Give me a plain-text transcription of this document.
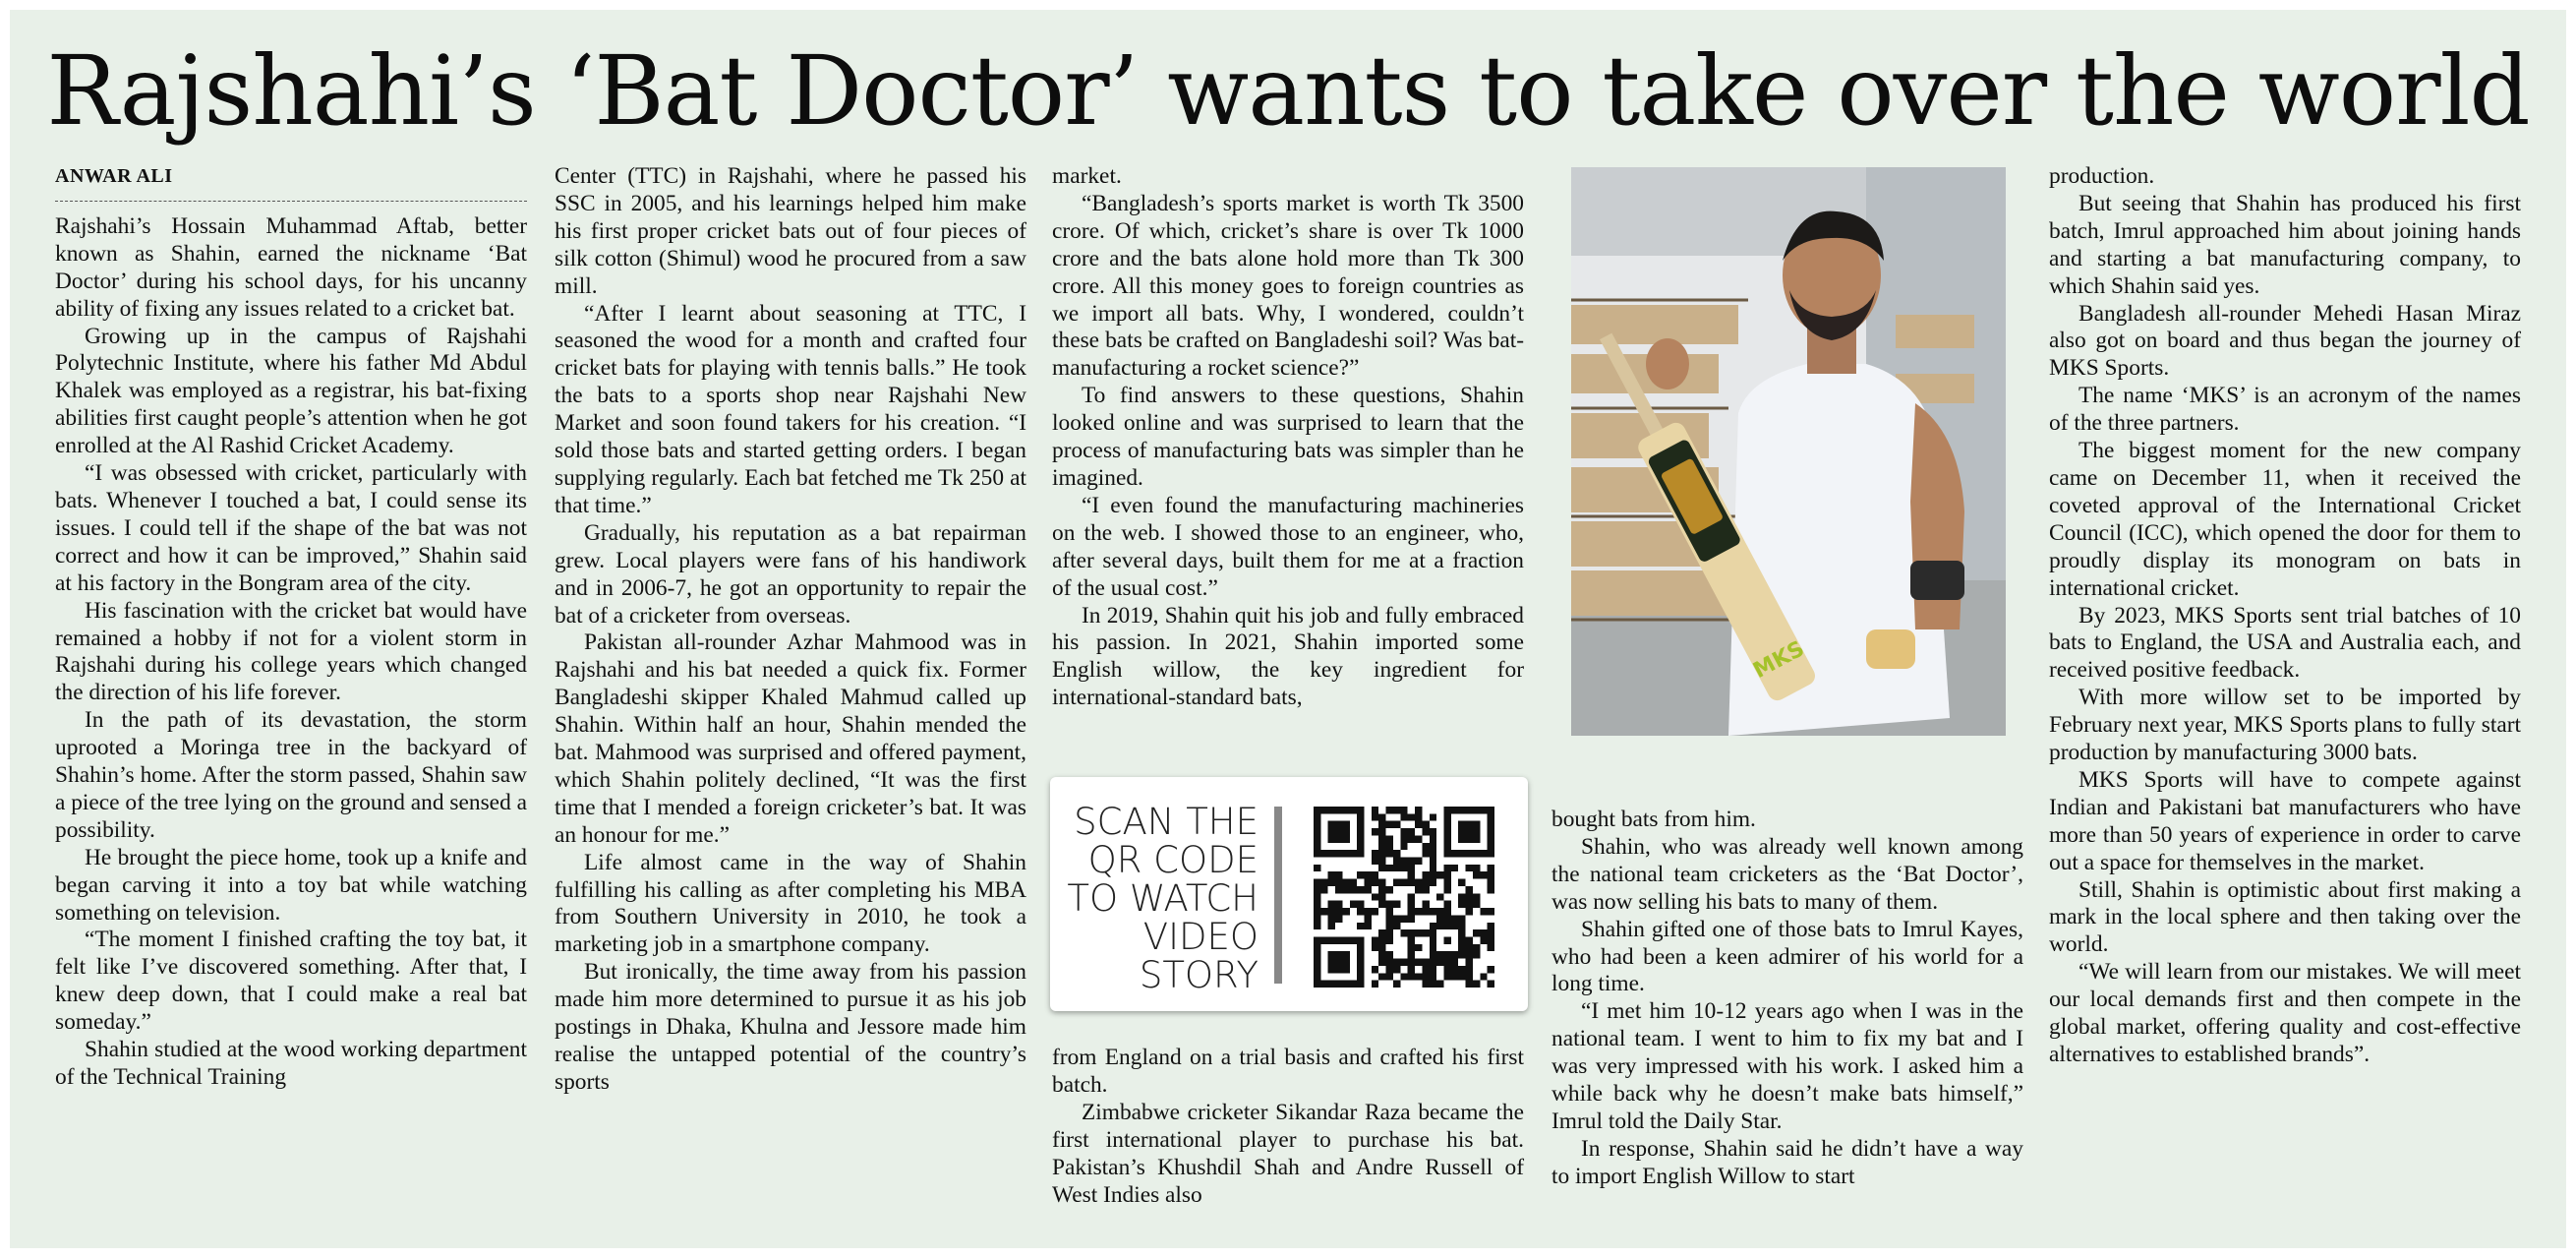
Rajshahi’s ‘Bat Doctor’ wants to take over the world
ANWAR ALI

Rajshahi’s Hossain Muhammad Aftab, better known as Shahin, earned the nickname ‘Bat Doctor’ during his school days, for his uncanny ability of fixing any issues related to a cricket bat.

Growing up in the campus of Rajshahi Polytechnic Institute, where his father Md Abdul Khalek was employed as a registrar, his bat-fixing abilities first caught people’s attention when he got enrolled at the Al Rashid Cricket Academy.

“I was obsessed with cricket, particularly with bats. Whenever I touched a bat, I could sense its issues. I could tell if the shape of the bat was not correct and how it can be improved,” Shahin said at his factory in the Bongram area of the city.

His fascination with the cricket bat would have remained a hobby if not for a violent storm in Rajshahi during his college years which changed the direction of his life forever.

In the path of its devastation, the storm uprooted a Moringa tree in the backyard of Shahin’s home. After the storm passed, Shahin saw a piece of the tree lying on the ground and sensed a possibility.

He brought the piece home, took up a knife and began carving it into a toy bat while watching something on television.

“The moment I finished crafting the toy bat, it felt like I’ve discovered something. After that, I knew deep down, that I could make a real bat someday.”

Shahin studied at the wood working department of the Technical Training

Center (TTC) in Rajshahi, where he passed his SSC in 2005, and his learnings helped him make his first proper cricket bats out of four pieces of silk cotton (Shimul) wood he procured from a saw mill.

“After I learnt about seasoning at TTC, I seasoned the wood for a month and crafted four cricket bats for playing with tennis balls.” He took the bats to a sports shop near Rajshahi New Market and soon found takers for his creation. “I sold those bats and started getting orders. I began supplying regularly. Each bat fetched me Tk 250 at that time.”

Gradually, his reputation as a bat repairman grew. Local players were fans of his handiwork and in 2006-7, he got an opportunity to repair the bat of a cricketer from overseas.

Pakistan all-rounder Azhar Mahmood was in Rajshahi and his bat needed a quick fix. Former Bangladeshi skipper Khaled Mahmud called up Shahin. Within half an hour, Shahin mended the bat. Mahmood was surprised and offered payment, which Shahin politely declined, “It was the first time that I mended a foreign cricketer’s bat. It was an honour for me.”

Life almost came in the way of Shahin fulfilling his calling as after completing his MBA from Southern University in 2010, he took a marketing job in a smartphone company.

But ironically, the time away from his passion made him more determined to pursue it as his job postings in Dhaka, Khulna and Jessore made him realise the untapped potential of the country’s sports

market.

“Bangladesh’s sports market is worth Tk 3500 crore. Of which, cricket’s share is over Tk 1000 crore and the bats alone hold more than Tk 300 crore. All this money goes to foreign countries as we import all bats. Why, I wondered, couldn’t these bats be crafted on Bangladeshi soil? Was bat-manufacturing a rocket science?”

To find answers to these questions, Shahin looked online and was surprised to learn that the process of manufacturing bats was simpler than he imagined.

“I even found the manufacturing machineries on the web. I showed those to an engineer, who, after several days, built them for me at a fraction of the usual cost.”

In 2019, Shahin quit his job and fully embraced his passion. In 2021, Shahin imported some English willow, the key ingredient for international-standard bats,

SCAN THE
QR CODE
TO WATCH
VIDEO
STORY

from England on a trial basis and crafted his first batch.

Zimbabwe cricketer Sikandar Raza became the first international player to purchase his bat. Pakistan’s Khushdil Shah and Andre Russell of West Indies also

MKS

bought bats from him.

Shahin, who was already well known among the national team cricketers as the ‘Bat Doctor’, was now selling his bats to many of them.

Shahin gifted one of those bats to Imrul Kayes, who had been a keen admirer of his world for a long time.

“I met him 10-12 years ago when I was in the national team. I went to him to fix my bat and I was very impressed with his work. I asked him a while back why he doesn’t make bats himself,” Imrul told the Daily Star.

In response, Shahin said he didn’t have a way to import English Willow to start

production.

But seeing that Shahin has produced his first batch, Imrul approached him about joining hands and starting a bat manufacturing company, to which Shahin said yes.

Bangladesh all-rounder Mehedi Hasan Miraz also got on board and thus began the journey of MKS Sports.

The name ‘MKS’ is an acronym of the names of the three partners.

The biggest moment for the new company came on December 11, when it received the coveted approval of the International Cricket Council (ICC), which opened the door for them to proudly display its monogram on bats in international cricket.

By 2023, MKS Sports sent trial batches of 10 bats to England, the USA and Australia each, and received positive feedback.

With more willow set to be imported by February next year, MKS Sports plans to fully start production by manufacturing 3000 bats.

MKS Sports will have to compete against Indian and Pakistani bat manufacturers who have more than 50 years of experience in order to carve out a space for themselves in the market.

Still, Shahin is optimistic about first making a mark in the local sphere and then taking over the world.

“We will learn from our mistakes. We will meet our local demands first and then compete in the global market, offering quality and cost-effective alternatives to established brands”.
